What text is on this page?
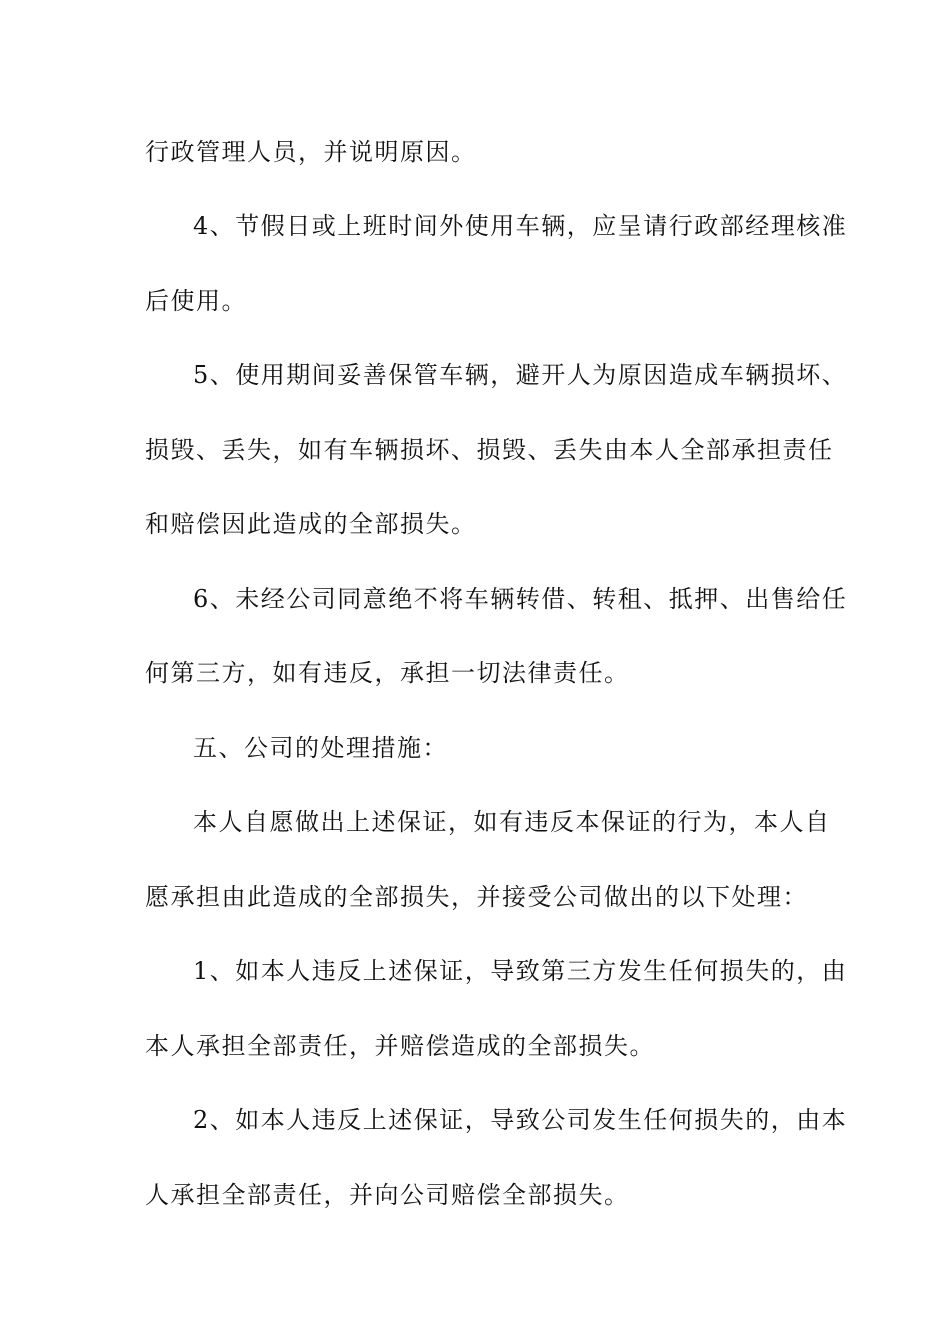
行政管理人员，并说明原因。
4、节假日或上班时间外使用车辆，应呈请行政部经理核准
后使用。
5、使用期间妥善保管车辆，避开人为原因造成车辆损坏、
损毁、丢失，如有车辆损坏、损毁、丢失由本人全部承担责任
和赔偿因此造成的全部损失。
6、未经公司同意绝不将车辆转借、转租、抵押、出售给任
何第三方，如有违反，承担一切法律责任。
五、公司的处理措施：
本人自愿做出上述保证，如有违反本保证的行为，本人自
愿承担由此造成的全部损失，并接受公司做出的以下处理：
1、如本人违反上述保证，导致第三方发生任何损失的，由
本人承担全部责任，并赔偿造成的全部损失。
2、如本人违反上述保证，导致公司发生任何损失的，由本
人承担全部责任，并向公司赔偿全部损失。
